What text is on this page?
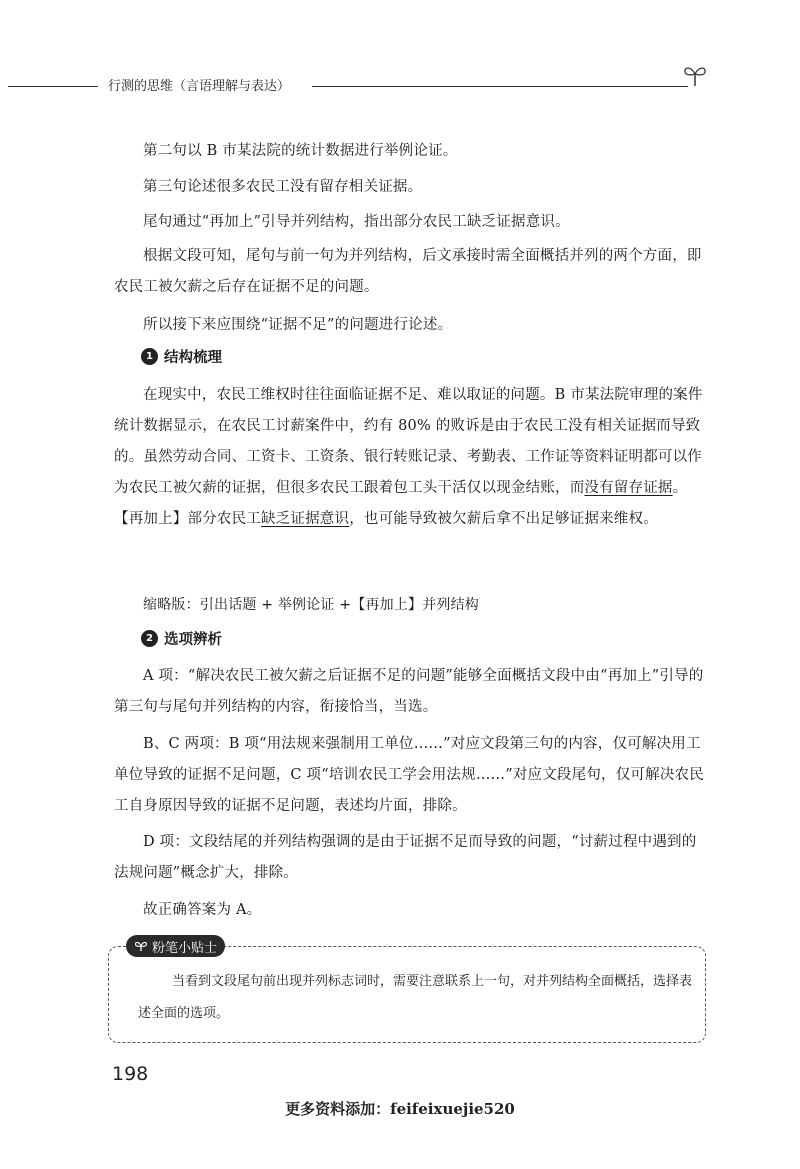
行测的思维（言语理解与表达）

第二句以 B 市某法院的统计数据进行举例论证。

第三句论述很多农民工没有留存相关证据。

尾句通过“再加上”引导并列结构，指出部分农民工缺乏证据意识。

根据文段可知，尾句与前一句为并列结构，后文承接时需全面概括并列的两个方面，即农民工被欠薪之后存在证据不足的问题。

所以接下来应围绕“证据不足”的问题进行论述。

1 结构梳理

在现实中，农民工维权时往往面临证据不足、难以取证的问题。B 市某法院审理的案件统计数据显示，在农民工讨薪案件中，约有 80% 的败诉是由于农民工没有相关证据而导致的。虽然劳动合同、工资卡、工资条、银行转账记录、考勤表、工作证等资料证明都可以作为农民工被欠薪的证据，但很多农民工跟着包工头干活仅以现金结账，而没有留存证据。【再加上】部分农民工缺乏证据意识，也可能导致被欠薪后拿不出足够证据来维权。

缩略版：引出话题 + 举例论证 +【再加上】并列结构

2 选项辨析

A 项：“解决农民工被欠薪之后证据不足的问题”能够全面概括文段中由“再加上”引导的第三句与尾句并列结构的内容，衔接恰当，当选。

B、C 两项：B 项“用法规来强制用工单位……”对应文段第三句的内容，仅可解决用工单位导致的证据不足问题，C 项“培训农民工学会用法规……”对应文段尾句，仅可解决农民工自身原因导致的证据不足问题，表述均片面，排除。

D 项：文段结尾的并列结构强调的是由于证据不足而导致的问题，“讨薪过程中遇到的法规问题”概念扩大，排除。

故正确答案为 A。

粉笔小贴士

当看到文段尾句前出现并列标志词时，需要注意联系上一句，对并列结构全面概括，选择表述全面的选项。

198
更多资料添加：feifeixuejie520
